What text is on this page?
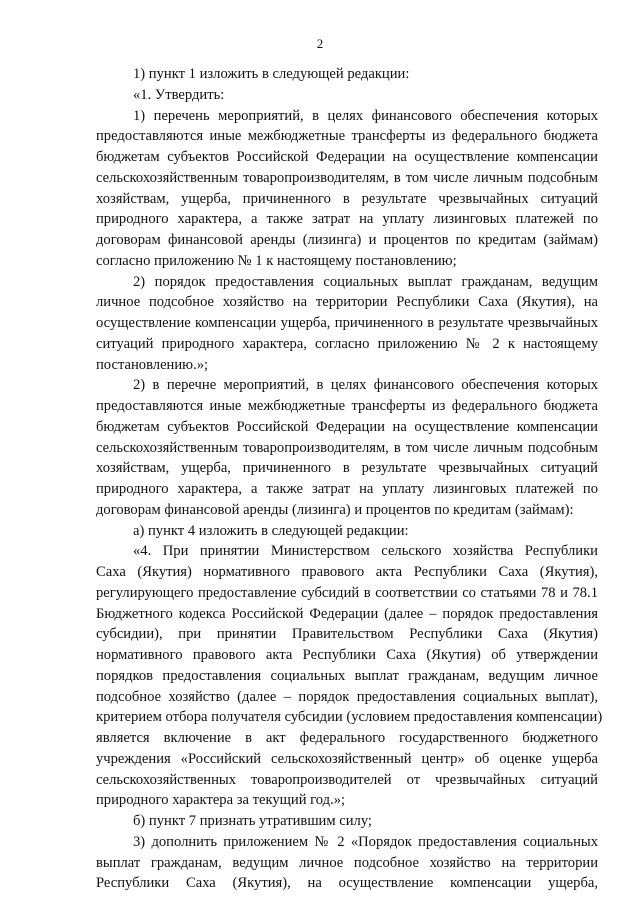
2
1) пункт 1 изложить в следующей редакции:
«1. Утвердить:
1) перечень мероприятий, в целях финансового обеспечения которых
предоставляются иные межбюджетные трансферты из федерального бюджета
бюджетам субъектов Российской Федерации на осуществление компенсации
сельскохозяйственным товаропроизводителям, в том числе личным подсобным
хозяйствам, ущерба, причиненного в результате чрезвычайных ситуаций
природного характера, а также затрат на уплату лизинговых платежей по
договорам финансовой аренды (лизинга) и процентов по кредитам (займам)
согласно приложению № 1 к настоящему постановлению;
2) порядок предоставления социальных выплат гражданам, ведущим
личное подсобное хозяйство на территории Республики Саха (Якутия), на
осуществление компенсации ущерба, причиненного в результате чрезвычайных
ситуаций природного характера, согласно приложению № 2 к настоящему
постановлению.»;
2) в перечне мероприятий, в целях финансового обеспечения которых
предоставляются иные межбюджетные трансферты из федерального бюджета
бюджетам субъектов Российской Федерации на осуществление компенсации
сельскохозяйственным товаропроизводителям, в том числе личным подсобным
хозяйствам, ущерба, причиненного в результате чрезвычайных ситуаций
природного характера, а также затрат на уплату лизинговых платежей по
договорам финансовой аренды (лизинга) и процентов по кредитам (займам):
а) пункт 4 изложить в следующей редакции:
«4. При принятии Министерством сельского хозяйства Республики
Саха (Якутия) нормативного правового акта Республики Саха (Якутия),
регулирующего предоставление субсидий в соответствии со статьями 78 и 78.1
Бюджетного кодекса Российской Федерации (далее – порядок предоставления
субсидии), при принятии Правительством Республики Саха (Якутия)
нормативного правового акта Республики Саха (Якутия) об утверждении
порядков предоставления социальных выплат гражданам, ведущим личное
подсобное хозяйство (далее – порядок предоставления социальных выплат),
критерием отбора получателя субсидии (условием предоставления компенсации)
является включение в акт федерального государственного бюджетного
учреждения «Российский сельскохозяйственный центр» об оценке ущерба
сельскохозяйственных товаропроизводителей от чрезвычайных ситуаций
природного характера за текущий год.»;
б) пункт 7 признать утратившим силу;
3) дополнить приложением № 2 «Порядок предоставления социальных
выплат гражданам, ведущим личное подсобное хозяйство на территории
Республики Саха (Якутия), на осуществление компенсации ущерба,
